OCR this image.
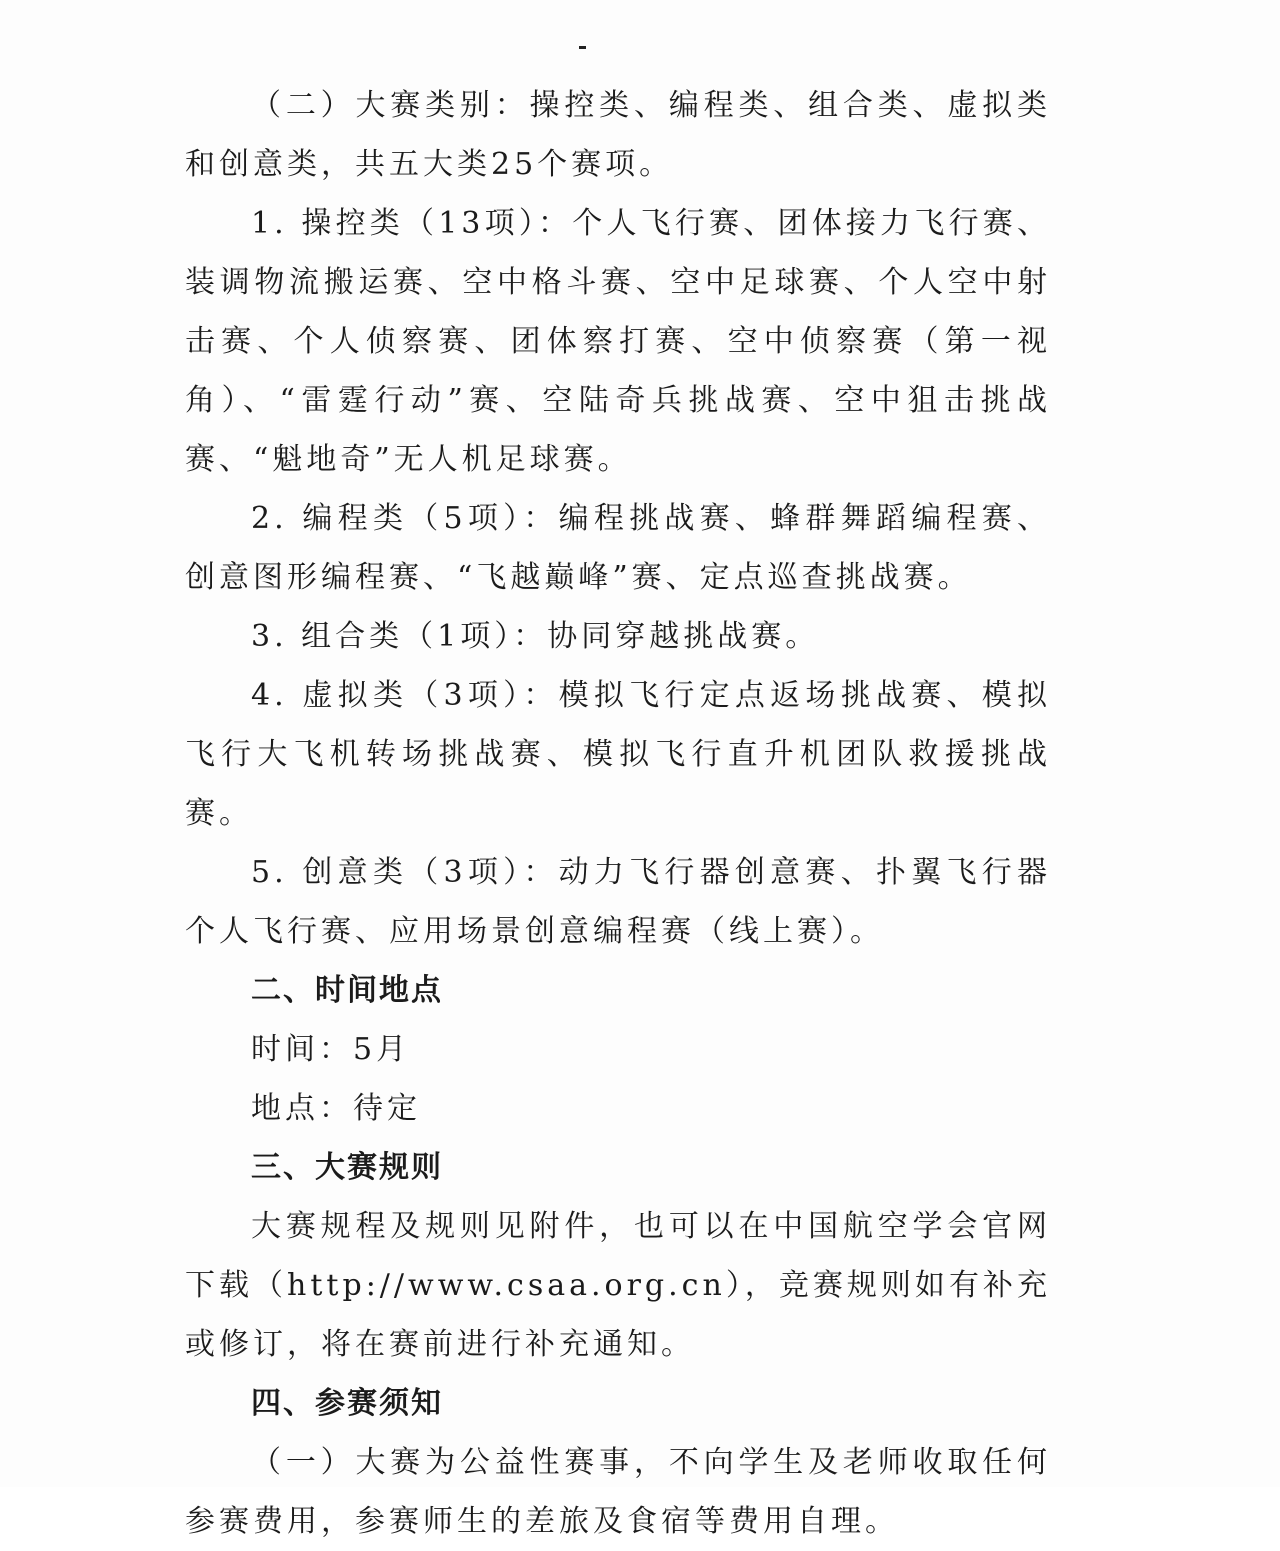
（二）大赛类别：操控类、编程类、组合类、虚拟类和创意类，共五大类25个赛项。

1. 操控类（13项）：个人飞行赛、团体接力飞行赛、装调物流搬运赛、空中格斗赛、空中足球赛、个人空中射击赛、个人侦察赛、团体察打赛、空中侦察赛（第一视角）、“雷霆行动”赛、空陆奇兵挑战赛、空中狙击挑战赛、“魁地奇”无人机足球赛。

2. 编程类（5项）：编程挑战赛、蜂群舞蹈编程赛、创意图形编程赛、“飞越巅峰”赛、定点巡查挑战赛。

3. 组合类（1项）：协同穿越挑战赛。

4. 虚拟类（3项）：模拟飞行定点返场挑战赛、模拟飞行大飞机转场挑战赛、模拟飞行直升机团队救援挑战赛。

5. 创意类（3项）：动力飞行器创意赛、扑翼飞行器个人飞行赛、应用场景创意编程赛（线上赛）。

二、时间地点

时间：5月

地点：待定

三、大赛规则

大赛规程及规则见附件，也可以在中国航空学会官网下载（http://www.csaa.org.cn），竞赛规则如有补充或修订，将在赛前进行补充通知。

四、参赛须知

（一）大赛为公益性赛事，不向学生及老师收取任何参赛费用，参赛师生的差旅及食宿等费用自理。
